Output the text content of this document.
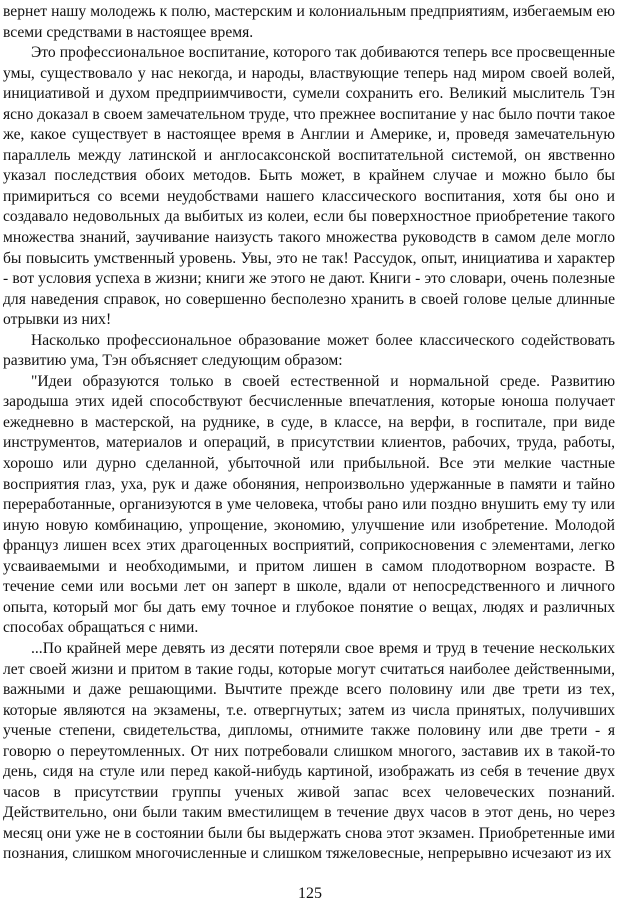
вернет нашу молодежь к полю, мастерским и колониальным предприятиям, избегаемым ею всеми средствами в настоящее время.

Это профессиональное воспитание, которого так добиваются теперь все просвещенные умы, существовало у нас некогда, и народы, властвующие теперь над миром своей волей, инициативой и духом предприимчивости, сумели сохранить его. Великий мыслитель Тэн ясно доказал в своем замечательном труде, что прежнее воспитание у нас было почти такое же, какое существует в настоящее время в Англии и Америке, и, проведя замечательную параллель между латинской и англосаксонской воспитательной системой, он явственно указал последствия обоих методов. Быть может, в крайнем случае и можно было бы примириться со всеми неудобствами нашего классического воспитания, хотя бы оно и создавало недовольных да выбитых из колеи, если бы поверхностное приобретение такого множества знаний, заучивание наизусть такого множества руководств в самом деле могло бы повысить умственный уровень. Увы, это не так! Рассудок, опыт, инициатива и характер - вот условия успеха в жизни; книги же этого не дают. Книги - это словари, очень полезные для наведения справок, но совершенно бесполезно хранить в своей голове целые длинные отрывки из них!

Насколько профессиональное образование может более классического содействовать развитию ума, Тэн объясняет следующим образом:

"Идеи образуются только в своей естественной и нормальной среде. Развитию зародыша этих идей способствуют бесчисленные впечатления, которые юноша получает ежедневно в мастерской, на руднике, в суде, в классе, на верфи, в госпитале, при виде инструментов, материалов и операций, в присутствии клиентов, рабочих, труда, работы, хорошо или дурно сделанной, убыточной или прибыльной. Все эти мелкие частные восприятия глаз, уха, рук и даже обоняния, непроизвольно удержанные в памяти и тайно переработанные, организуются в уме человека, чтобы рано или поздно внушить ему ту или иную новую комбинацию, упрощение, экономию, улучшение или изобретение. Молодой француз лишен всех этих драгоценных восприятий, соприкосновения с элементами, легко усваиваемыми и необходимыми, и притом лишен в самом плодотворном возрасте. В течение семи или восьми лет он заперт в школе, вдали от непосредственного и личного опыта, который мог бы дать ему точное и глубокое понятие о вещах, людях и различных способах обращаться с ними.

...По крайней мере девять из десяти потеряли свое время и труд в течение нескольких лет своей жизни и притом в такие годы, которые могут считаться наиболее действенными, важными и даже решающими. Вычтите прежде всего половину или две трети из тех, которые являются на экзамены, т.е. отвергнутых; затем из числа принятых, получивших ученые степени, свидетельства, дипломы, отнимите также половину или две трети - я говорю о переутомленных. От них потребовали слишком многого, заставив их в такой-то день, сидя на стуле или перед какой-нибудь картиной, изображать из себя в течение двух часов в присутствии группы ученых живой запас всех человеческих познаний. Действительно, они были таким вместилищем в течение двух часов в этот день, но через месяц они уже не в состоянии были бы выдержать снова этот экзамен. Приобретенные ими познания, слишком многочисленные и слишком тяжеловесные, непрерывно исчезают из их

125
